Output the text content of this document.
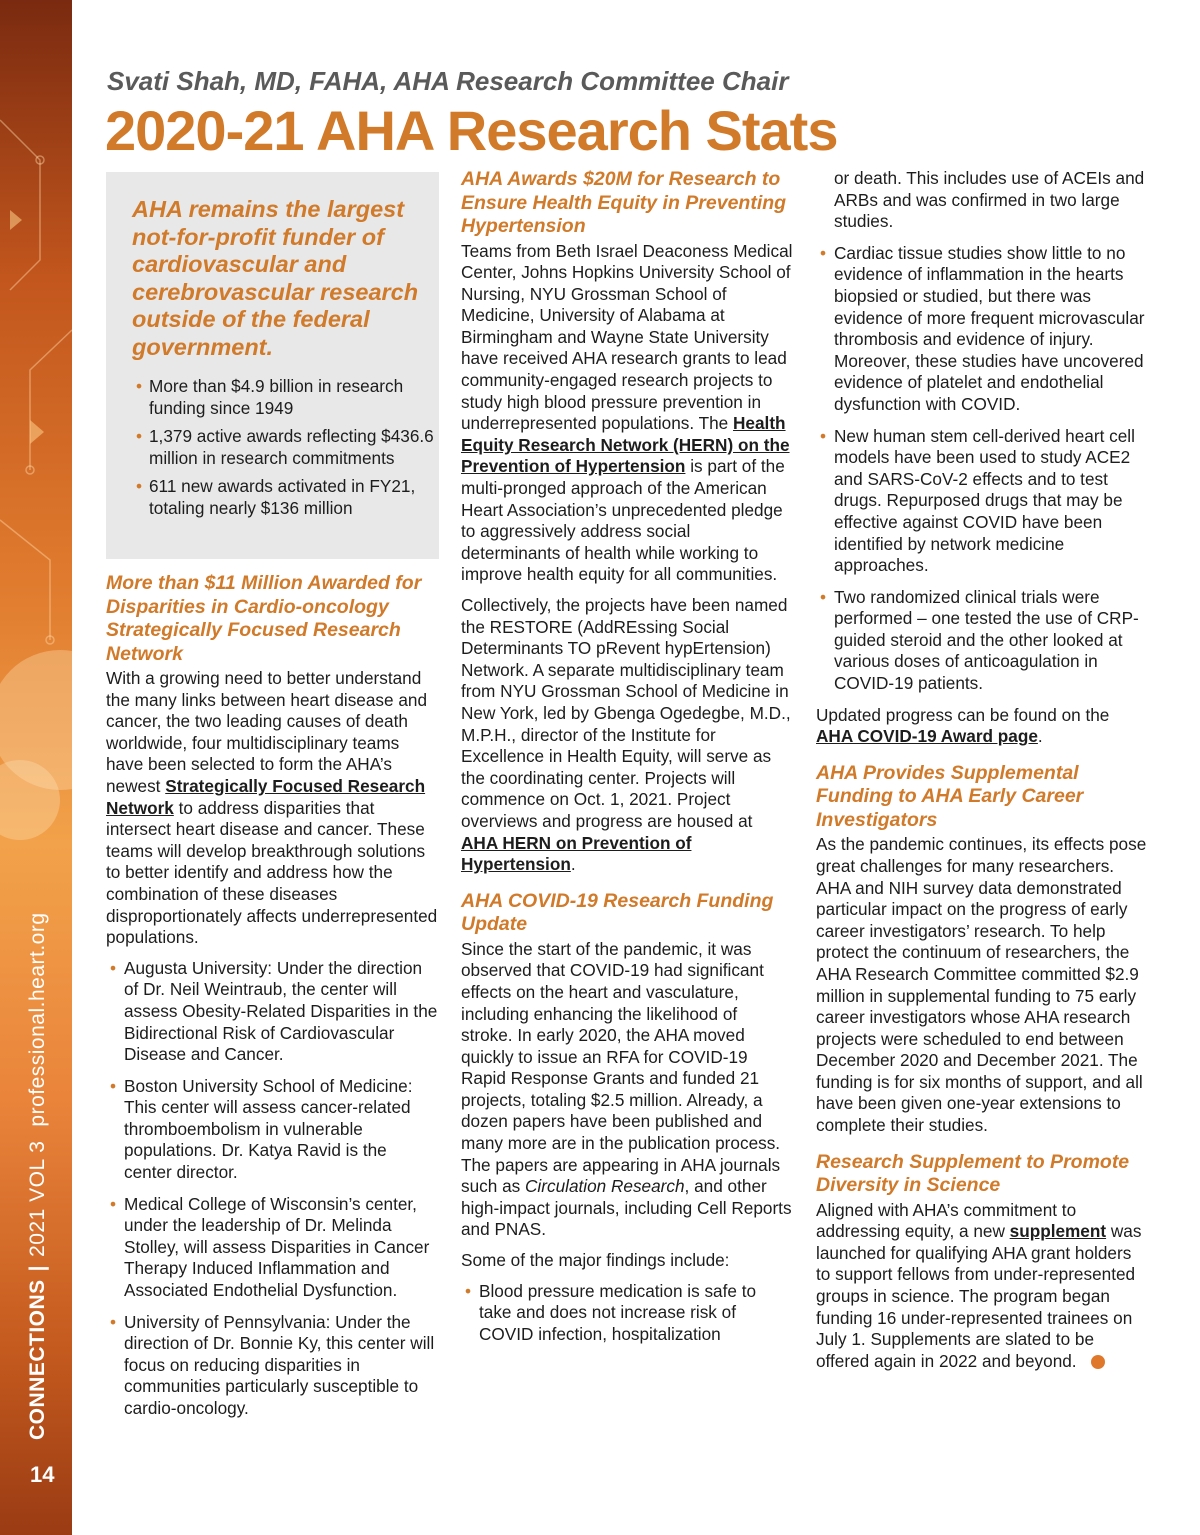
CONNECTIONS|2021 VOL 3professional.heart.org
14
Svati Shah, MD, FAHA, AHA Research Committee Chair
2020-21 AHA Research Stats
AHA remains the largest not-for-profit funder of cardiovascular and cerebrovascular research outside of the federal government.
• More than $4.9 billion in research funding since 1949
• 1,379 active awards reflecting $436.6 million in research commitments
• 611 new awards activated in FY21, totaling nearly $136 million
More than $11 Million Awarded for Disparities in Cardio-oncology Strategically Focused Research Network

With a growing need to better understand the many links between heart disease and cancer, the two leading causes of death worldwide, four multidisciplinary teams have been selected to form the AHA’s newest Strategically Focused Research Network to address disparities that intersect heart disease and cancer. These teams will develop breakthrough solutions to better identify and address how the combination of these diseases disproportionately affects underrepresented populations.

• Augusta University: Under the direction of Dr. Neil Weintraub, the center will assess Obesity-Related Disparities in the Bidirectional Risk of Cardiovascular Disease and Cancer.
• Boston University School of Medicine: This center will assess cancer-related thromboembolism in vulnerable populations. Dr. Katya Ravid is the center director.
• Medical College of Wisconsin’s center, under the leadership of Dr. Melinda Stolley, will assess Disparities in Cancer Therapy Induced Inflammation and Associated Endothelial Dysfunction.
• University of Pennsylvania: Under the direction of Dr. Bonnie Ky, this center will focus on reducing disparities in communities particularly susceptible to cardio-oncology.
AHA Awards $20M for Research to Ensure Health Equity in Preventing Hypertension

Teams from Beth Israel Deaconess Medical Center, Johns Hopkins University School of Nursing, NYU Grossman School of Medicine, University of Alabama at Birmingham and Wayne State University have received AHA research grants to lead community-engaged research projects to study high blood pressure prevention in underrepresented populations. The Health Equity Research Network (HERN) on the Prevention of Hypertension is part of the multi-pronged approach of the American Heart Association’s unprecedented pledge to aggressively address social determinants of health while working to improve health equity for all communities.

Collectively, the projects have been named the RESTORE (AddREssing Social Determinants TO pRevent hypErtension) Network. A separate multidisciplinary team from NYU Grossman School of Medicine in New York, led by Gbenga Ogedegbe, M.D., M.P.H., director of the Institute for Excellence in Health Equity, will serve as the coordinating center. Projects will commence on Oct. 1, 2021. Project overviews and progress are housed at AHA HERN on Prevention of Hypertension.

AHA COVID-19 Research Funding Update

Since the start of the pandemic, it was observed that COVID-19 had significant effects on the heart and vasculature, including enhancing the likelihood of stroke. In early 2020, the AHA moved quickly to issue an RFA for COVID-19 Rapid Response Grants and funded 21 projects, totaling $2.5 million. Already, a dozen papers have been published and many more are in the publication process. The papers are appearing in AHA journals such as Circulation Research, and other high-impact journals, including Cell Reports and PNAS.

Some of the major findings include:

• Blood pressure medication is safe to take and does not increase risk of COVID infection, hospitalization

or death. This includes use of ACEIs and ARBs and was confirmed in two large studies.

• Cardiac tissue studies show little to no evidence of inflammation in the hearts biopsied or studied, but there was evidence of more frequent microvascular thrombosis and evidence of injury. Moreover, these studies have uncovered evidence of platelet and endothelial dysfunction with COVID.
• New human stem cell-derived heart cell models have been used to study ACE2 and SARS-CoV-2 effects and to test drugs. Repurposed drugs that may be effective against COVID have been identified by network medicine approaches.
• Two randomized clinical trials were performed – one tested the use of CRP-guided steroid and the other looked at various doses of anticoagulation in COVID-19 patients.

Updated progress can be found on the AHA COVID-19 Award page.

AHA Provides Supplemental Funding to AHA Early Career Investigators

As the pandemic continues, its effects pose great challenges for many researchers. AHA and NIH survey data demonstrated particular impact on the progress of early career investigators’ research. To help protect the continuum of researchers, the AHA Research Committee committed $2.9 million in supplemental funding to 75 early career investigators whose AHA research projects were scheduled to end between December 2020 and December 2021. The funding is for six months of support, and all have been given one-year extensions to complete their studies.

Research Supplement to Promote Diversity in Science

Aligned with AHA’s commitment to addressing equity, a new supplement was launched for qualifying AHA grant holders to support fellows from under-represented groups in science. The program began funding 16 under-represented trainees on July 1. Supplements are slated to be offered again in 2022 and beyond.
